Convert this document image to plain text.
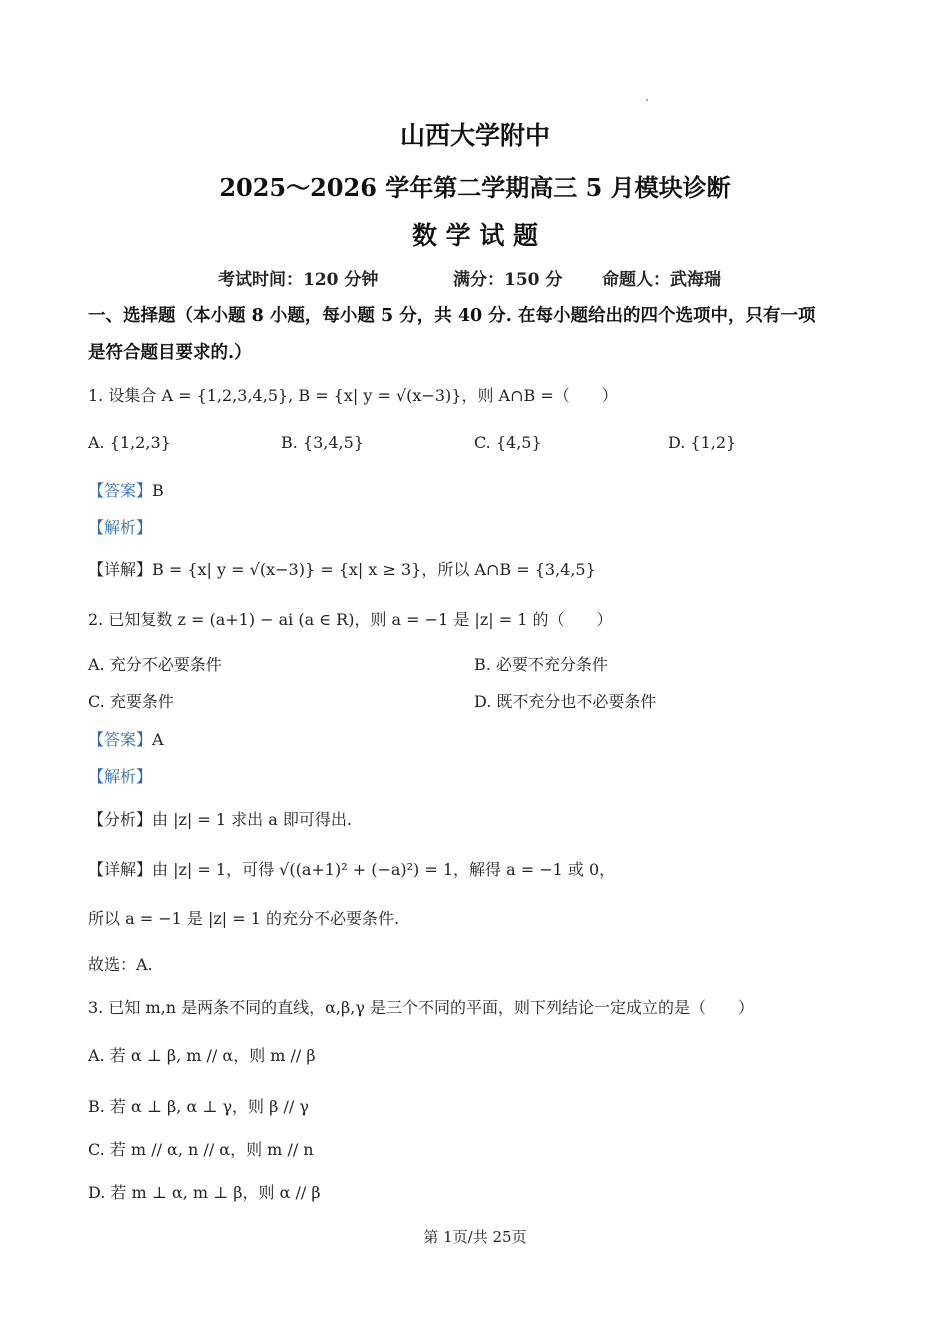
山西大学附中
2025～2026 学年第二学期高三 5 月模块诊断
数 学 试 题
考试时间：120 分钟	满分：150 分 命题人：武海瑞
一、选择题（本小题 8 小题，每小题 5 分，共 40 分. 在每小题给出的四个选项中，只有一项
是符合题目要求的.）
1. 设集合 A = {1,2,3,4,5}, B = {x| y = √(x−3)}，则 A∩B =（　　）
A. {1,2,3}	B. {3,4,5}	C. {4,5}	D. {1,2}
【答案】B
【解析】
【详解】B = {x| y = √(x−3)} = {x| x ≥ 3}，所以 A∩B = {3,4,5}
2. 已知复数 z = (a+1) − ai (a ∈ R)，则 a = −1 是 |z| = 1 的（　　）
A. 充分不必要条件	B. 必要不充分条件
C. 充要条件	D. 既不充分也不必要条件
【答案】A
【解析】
【分析】由 |z| = 1 求出 a 即可得出.
【详解】由 |z| = 1，可得 √((a+1)² + (−a)²) = 1，解得 a = −1 或 0，
所以 a = −1 是 |z| = 1 的充分不必要条件.
故选：A.
3. 已知 m,n 是两条不同的直线，α,β,γ 是三个不同的平面，则下列结论一定成立的是（　　）
A. 若 α ⊥ β, m // α，则 m // β
B. 若 α ⊥ β, α ⊥ γ，则 β // γ
C. 若 m // α, n // α，则 m // n
D. 若 m ⊥ α, m ⊥ β，则 α // β
第 1页/共 25页
